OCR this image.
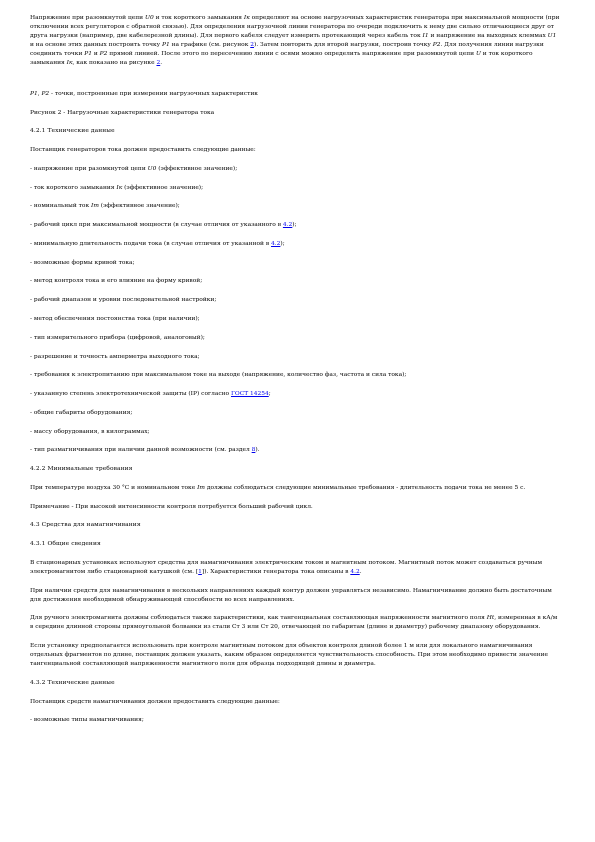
Напряжение при разомкнутой цепи U0 и ток короткого замыкания Iк определяют на основе нагрузочных характеристик генератора при максимальной мощности (при отключении всех регуляторов с обратной связью). Для определения нагрузочной линии генератора по очереди подключить к нему две сильно отличающиеся друг от друга нагрузки (например, две кабелерезной длины). Для первого кабеля следует измерить протекающий через кабель ток I1 и напряжение на выходных клеммах U1 и на основе этих данных построить точку P1 на графике (см. рисунок 2). Затем повторить для второй нагрузки, построив точку P2. Для получения линии нагрузки соединить точки P1 и P2 прямой линией. После этого по пересечению линии с осями можно определить напряжение при разомкнутой цепи U и ток короткого замыкания Iк, как показано на рисунке 2.

P1, P2 - точки, построенные при измерении нагрузочных характеристик

Рисунок 2 - Нагрузочные характеристики генератора тока

4.2.1 Технические данные

Поставщик генераторов тока должен предоставить следующие данные:

- напряжение при разомкнутой цепи U0 (эффективное значение);

- ток короткого замыкания Iк (эффективное значение);

- номинальный ток Iт (эффективное значение);

- рабочий цикл при максимальной мощности (в случае отличия от указанного в 4.2);

- минимальную длительность подачи тока (в случае отличия от указанной в 4.2);

- возможные формы кривой тока;

- метод контроля тока и его влияние на форму кривой;

- рабочий диапазон и уровни последовательной настройки;

- метод обеспечения постоянства тока (при наличии);

- тип измерительного прибора (цифровой, аналоговый);

- разрешение и точность амперметра выходного тока;

- требования к электропитанию при максимальном токе на выходе (напряжение, количество фаз, частота и сила тока);

- указанную степень электротехнической защиты (IP) согласно ГОСТ 14254;

- общие габариты оборудования;

- массу оборудования, в килограммах;

- тип размагничивания при наличии данной возможности (см. раздел 8).

4.2.2 Минимальные требования

При температуре воздуха 30 °С и номинальном токе Iт должны соблюдаться следующие минимальные требования - длительность подачи тока не менее 5 с.

Примечание - При высокой интенсивности контроля потребуется больший рабочий цикл.

4.3 Средства для намагничивания

4.3.1 Общие сведения

В стационарных установках используют средства для намагничивания электрическим током и магнитным потоком. Магнитный поток может создаваться ручным электромагнитом либо стационарной катушкой (см. [1]). Характеристики генератора тока описаны в 4.2.

При наличии средств для намагничивания в нескольких направлениях каждый контур должен управляться независимо. Намагничивание должно быть достаточным для достижения необходимой обнаруживающей способности во всех направлениях.

Для ручного электромагнита должны соблюдаться также характеристики, как тангенциальная составляющая напряженности магнитного поля Ht, измеренная в кА/м в середине длинной стороны прямоугольной болванки из стали Ст 3 или Ст 20, отвечающей по габаритам (длине и диаметру) рабочему диапазону оборудования.

Если установку предполагается использовать при контроле магнитным потоком для объектов контроля длиной более 1 м или для локального намагничивания отдельных фрагментов по длине, поставщик должен указать, каким образом определяется чувствительность способность. При этом необходимо привести значение тангенциальной составляющей напряженности магнитного поля для образца подходящей длины и диаметра.

4.3.2 Технические данные

Поставщик средств намагничивания должен предоставить следующие данные:

- возможные типы намагничивания;
